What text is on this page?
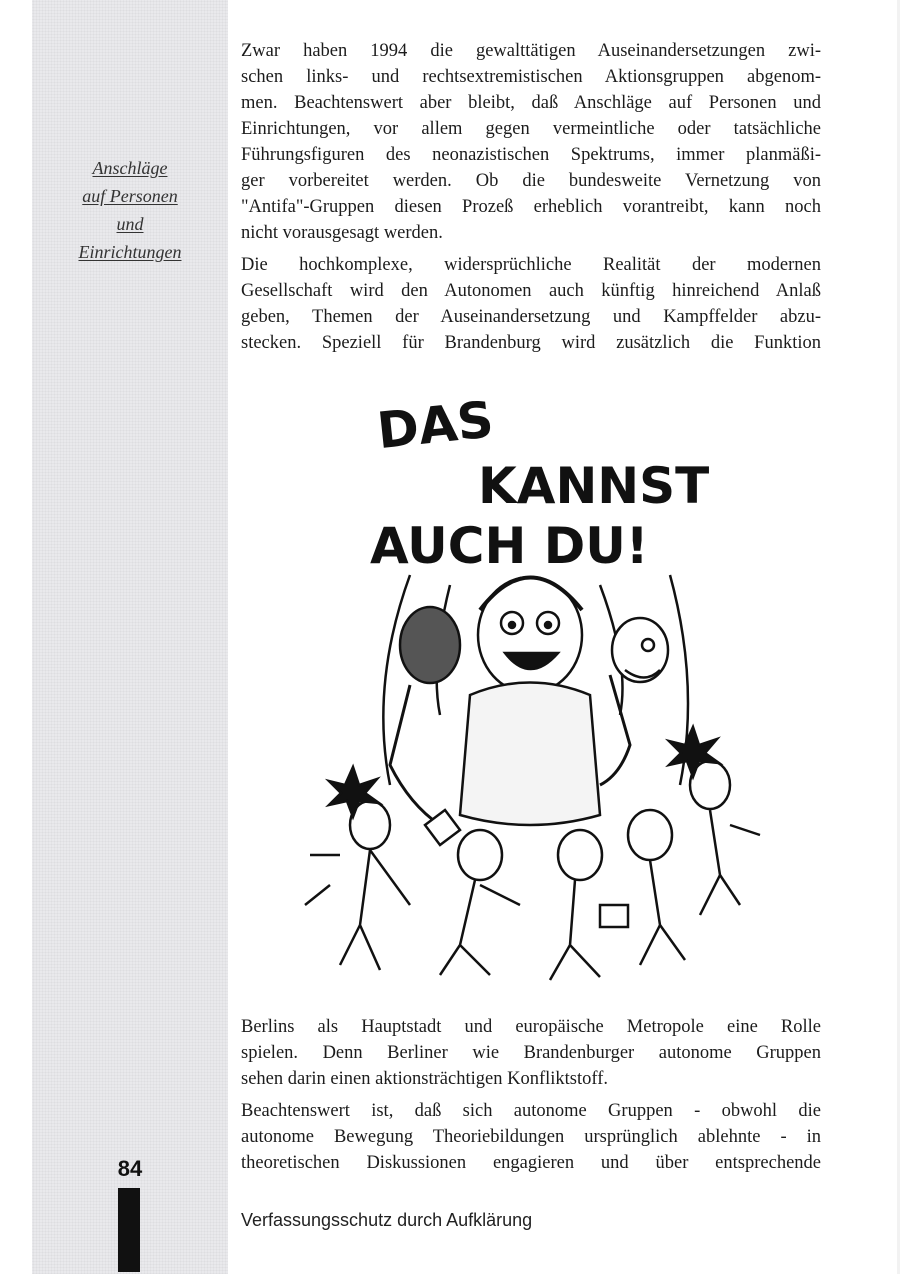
Anschläge
auf Personen
und
Einrichtungen

Zwar haben 1994 die gewalttätigen Auseinandersetzungen zwi-
schen links- und rechtsextremistischen Aktionsgruppen abgenom-
men. Beachtenswert aber bleibt, daß Anschläge auf Personen und
Einrichtungen, vor allem gegen vermeintliche oder tatsächliche
Führungsfiguren des neonazistischen Spektrums, immer planmäßi-
ger vorbereitet werden. Ob die bundesweite Vernetzung von
"Antifa"-Gruppen diesen Prozeß erheblich vorantreibt, kann noch
nicht vorausgesagt werden.

Die hochkomplexe, widersprüchliche Realität der modernen
Gesellschaft wird den Autonomen auch künftig hinreichend Anlaß
geben, Themen der Auseinandersetzung und Kampffelder abzu-
stecken. Speziell für Brandenburg wird zusätzlich die Funktion

DAS
KANNST
AUCH DU!

Berlins als Hauptstadt und europäische Metropole eine Rolle
spielen. Denn Berliner wie Brandenburger autonome Gruppen
sehen darin einen aktionsträchtigen Konfliktstoff.

Beachtenswert ist, daß sich autonome Gruppen - obwohl die
autonome Bewegung Theoriebildungen ursprünglich ablehnte - in
theoretischen Diskussionen engagieren und über entsprechende

84
Verfassungsschutz durch Aufklärung
